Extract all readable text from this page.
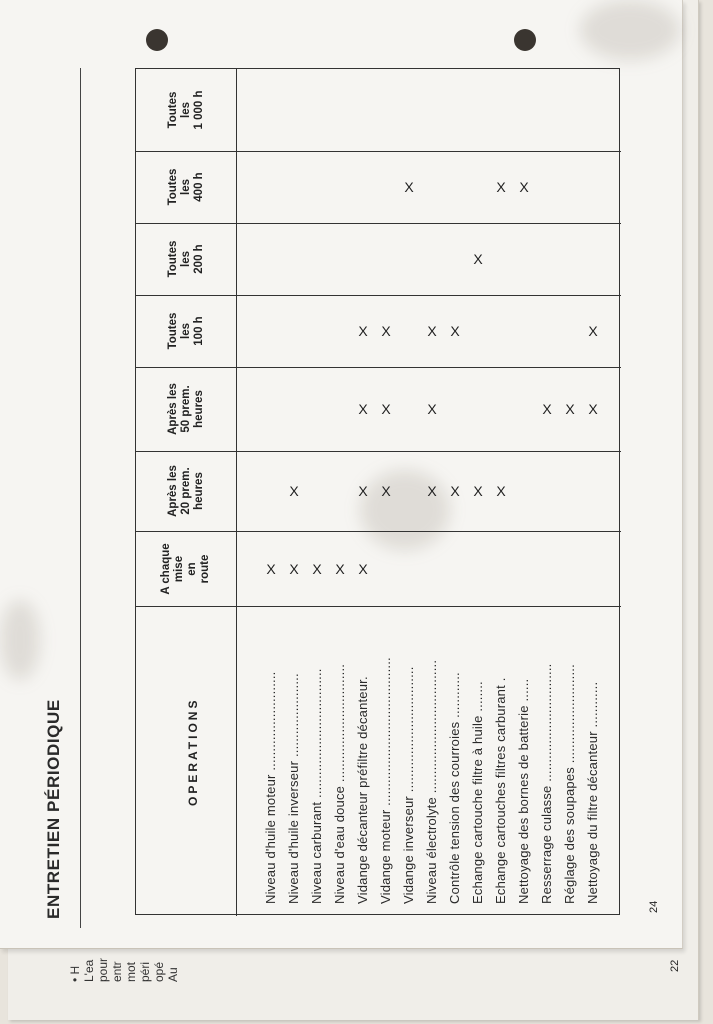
• H L'ea pour entr mot péri opé Au
22
ENTRETIEN PÉRIODIQUE	24
OPERATIONS
A chaque mise en route
Après les 20 prem. heures
Après les 50 prem. heures
Toutes les 100 h
Toutes les 200 h
Toutes les 400 h
Toutes les 1 000 h
Niveau d'huile moteur ..........................
X
Niveau d'huile inverseur ......................
X
X
Niveau carburant ..................................
X
Niveau d'eau douce ...............................
X
Vidange décanteur préfiltre décanteur.
X
X
X
X
Vidange moteur .......................................
X
X
X
Vidange inverseur .................................
X
Niveau électrolyte ...................................
X
X
X
Contrôle tension des courroies ............
X
X
Echange cartouche filtre à huile ........
X
X
Echange cartouches filtres carburant .
X
X
Nettoyage des bornes de batterie ......
X
Resserrage culasse ...............................
X
Réglage des soupapes ..........................
X
Nettoyage du filtre décanteur ............
X
X
